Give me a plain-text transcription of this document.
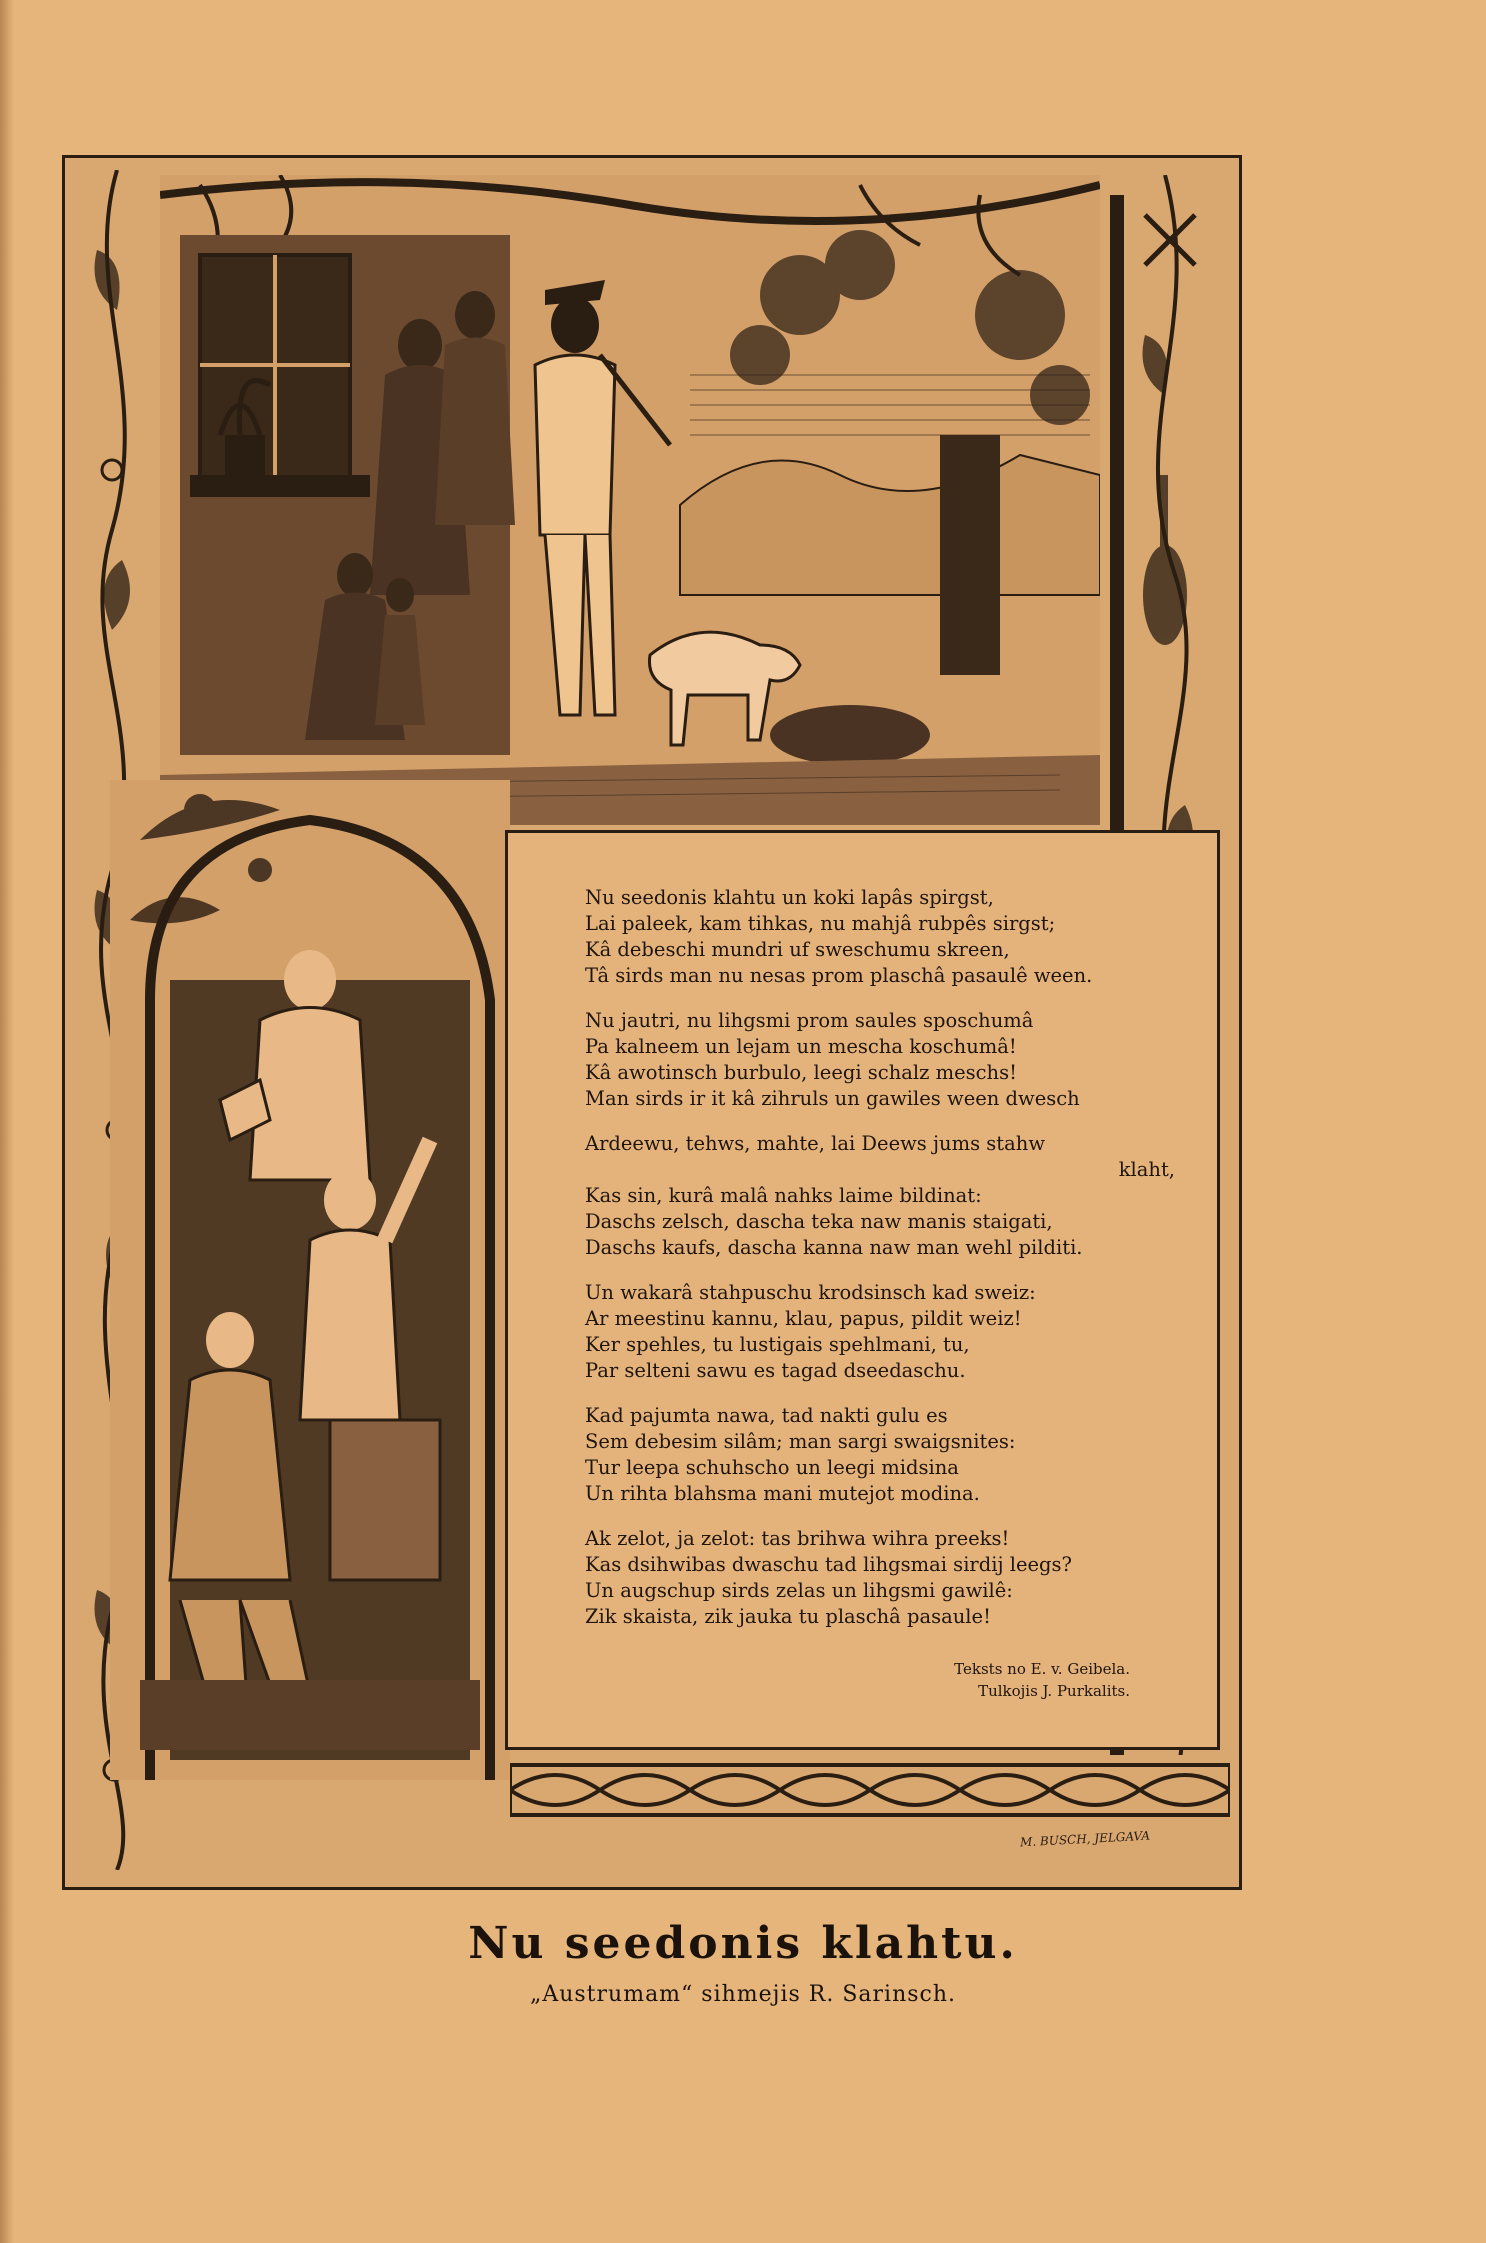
Nu seedonis klahtu un koki lapâs spirgst,
Lai paleek, kam tihkas, nu mahjâ rubpês sirgst;
Kâ debeschi mundri uf sweschumu skreen,
Tâ sirds man nu nesas prom plaschâ pasaulê ween.
Nu jautri, nu lihgsmi prom saules sposchumâ
Pa kalneem un lejam un mescha koschumâ!
Kâ awotinsch burbulo, leegi schalz meschs!
Man sirds ir it kâ zihruls un gawiles ween dwesch
Ardeewu, tehws, mahte, lai Deews jums stahw
klaht,
Kas sin, kurâ malâ nahks laime bildinat:
Daschs zelsch, dascha teka naw manis staigati,
Daschs kaufs, dascha kanna naw man wehl pilditi.
Un wakarâ stahpuschu krodsinsch kad sweiz:
Ar meestinu kannu, klau, papus, pildit weiz!
Ker spehles, tu lustigais spehlmani, tu,
Par selteni sawu es tagad dseedaschu.
Kad pajumta nawa, tad nakti gulu es
Sem debesim silâm; man sargi swaigsnites:
Tur leepa schuhscho un leegi midsina
Un rihta blahsma mani mutejot modina.
Ak zelot, ja zelot: tas brihwa wihra preeks!
Kas dsihwibas dwaschu tad lihgsmai sirdij leegs?
Un augschup sirds zelas un lihgsmi gawilê:
Zik skaista, zik jauka tu plaschâ pasaule!
Teksts no E. v. Geibela.
Tulkojis J. Purkalits.
M. BUSCH, JELGAVA
Nu seedonis klahtu.
„Austrumam“ sihmejis R. Sarinsch.
